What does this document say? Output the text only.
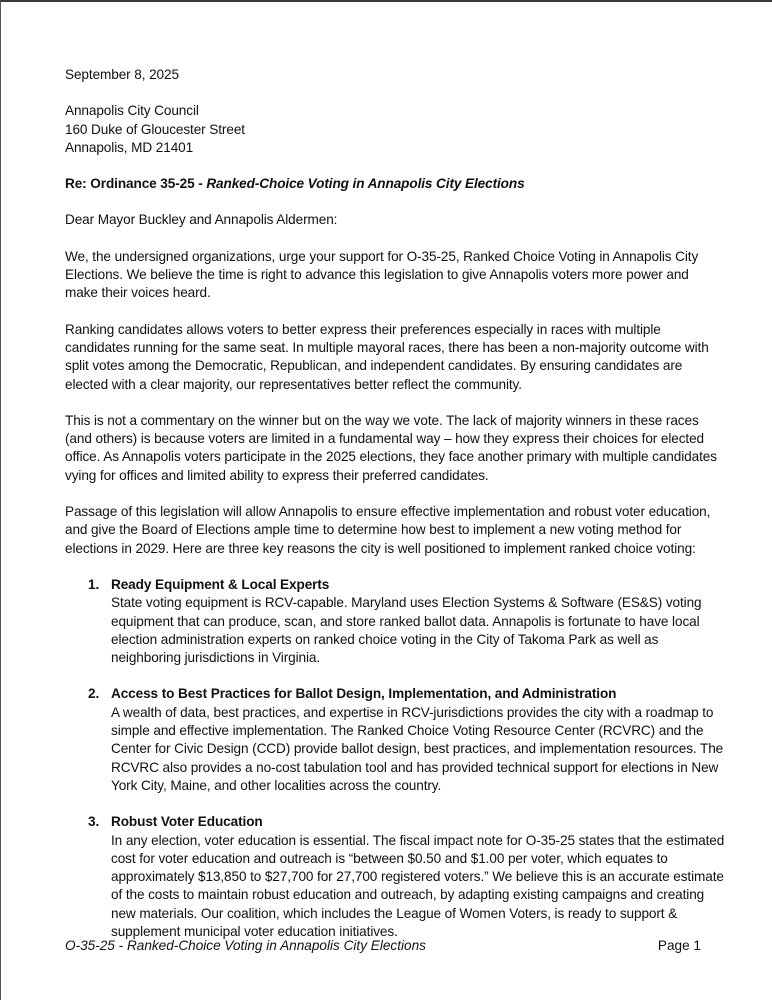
September 8, 2025

Annapolis City Council

160 Duke of Gloucester Street

Annapolis, MD 21401

Re: Ordinance 35-25 - Ranked-Choice Voting in Annapolis City Elections

Dear Mayor Buckley and Annapolis Aldermen:

We, the undersigned organizations, urge your support for O-35-25, Ranked Choice Voting in Annapolis City Elections. We believe the time is right to advance this legislation to give Annapolis voters more power and make their voices heard.

Ranking candidates allows voters to better express their preferences especially in races with multiple candidates running for the same seat. In multiple mayoral races, there has been a non-majority outcome with split votes among the Democratic, Republican, and independent candidates. By ensuring candidates are elected with a clear majority, our representatives better reflect the community.

This is not a commentary on the winner but on the way we vote. The lack of majority winners in these races (and others) is because voters are limited in a fundamental way – how they express their choices for elected office. As Annapolis voters participate in the 2025 elections, they face another primary with multiple candidates vying for offices and limited ability to express their preferred candidates.

Passage of this legislation will allow Annapolis to ensure effective implementation and robust voter education, and give the Board of Elections ample time to determine how best to implement a new voting method for elections in 2029. Here are three key reasons the city is well positioned to implement ranked choice voting:

1. Ready Equipment & Local Experts
State voting equipment is RCV-capable. Maryland uses Election Systems & Software (ES&S) voting equipment that can produce, scan, and store ranked ballot data. Annapolis is fortunate to have local election administration experts on ranked choice voting in the City of Takoma Park as well as neighboring jurisdictions in Virginia.
2. Access to Best Practices for Ballot Design, Implementation, and Administration
A wealth of data, best practices, and expertise in RCV-jurisdictions provides the city with a roadmap to simple and effective implementation. The Ranked Choice Voting Resource Center (RCVRC) and the Center for Civic Design (CCD) provide ballot design, best practices, and implementation resources. The RCVRC also provides a no-cost tabulation tool and has provided technical support for elections in New York City, Maine, and other localities across the country.
3. Robust Voter Education
In any election, voter education is essential. The fiscal impact note for O-35-25 states that the estimated cost for voter education and outreach is “between $0.50 and $1.00 per voter, which equates to approximately $13,850 to $27,700 for 27,700 registered voters.” We believe this is an accurate estimate of the costs to maintain robust education and outreach, by adapting existing campaigns and creating new materials. Our coalition, which includes the League of Women Voters, is ready to support & supplement municipal voter education initiatives.
O-35-25 - Ranked-Choice Voting in Annapolis City Elections	Page 1
